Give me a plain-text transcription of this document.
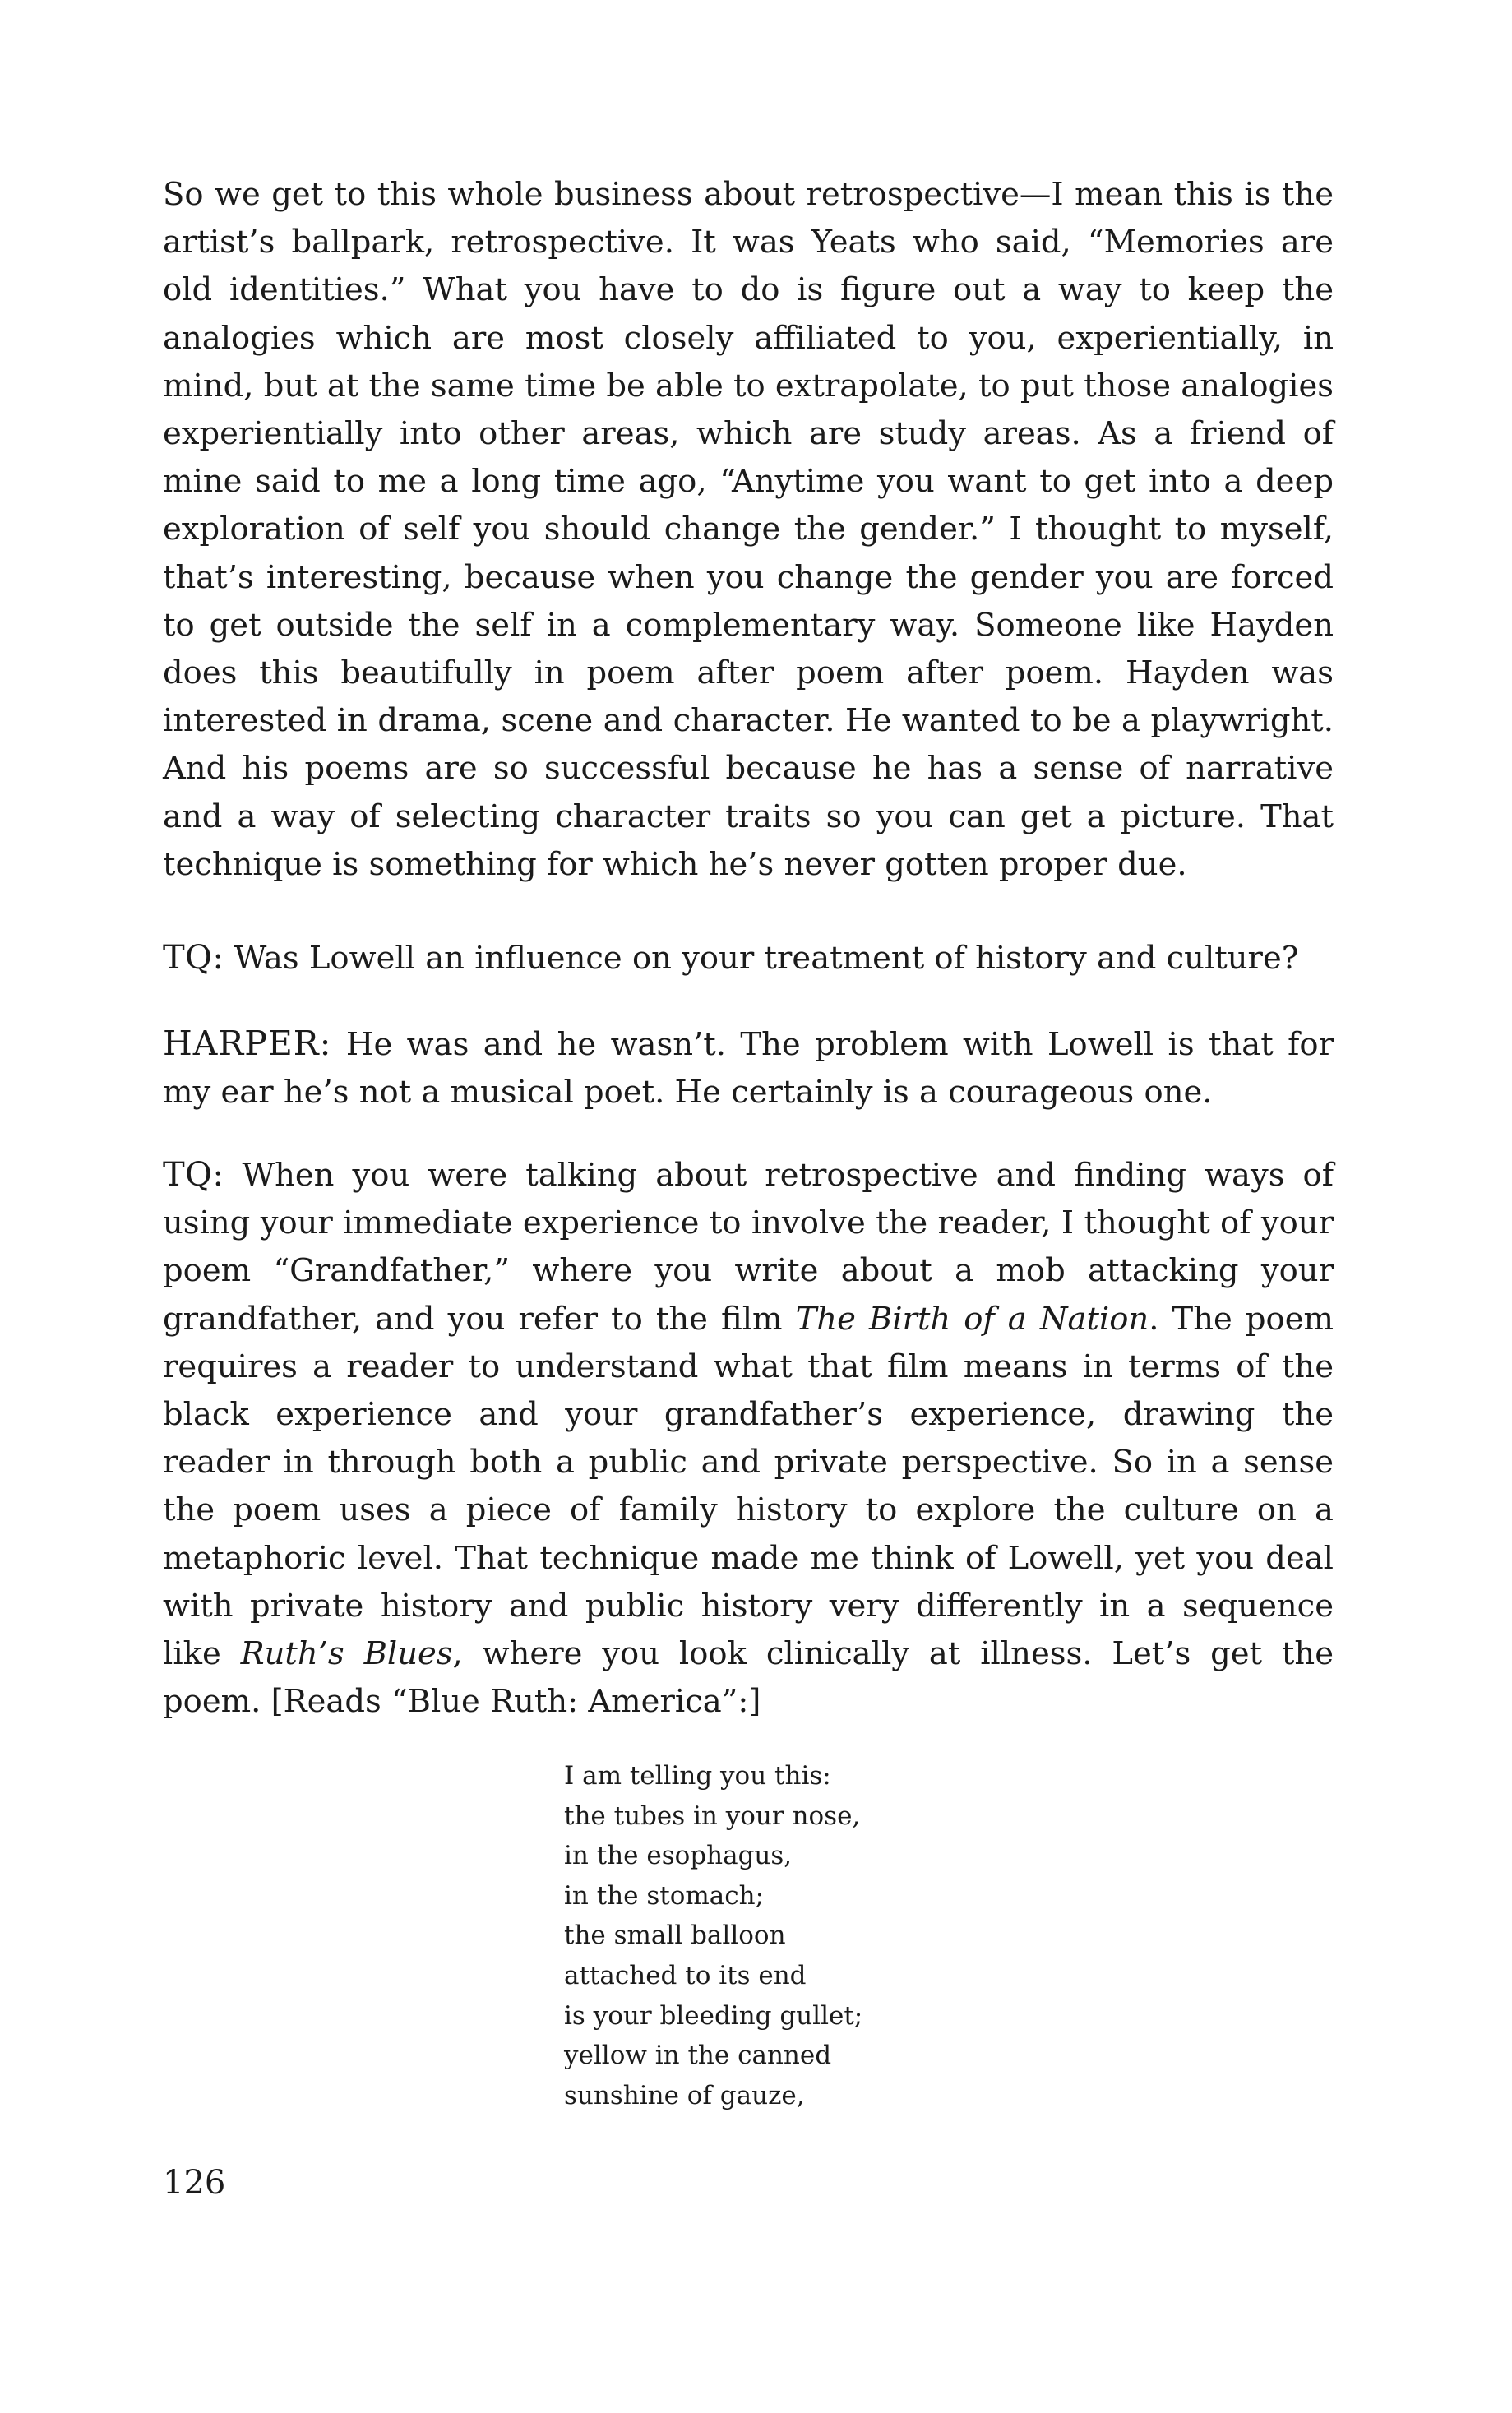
So we get to this whole business about retrospective—I mean this is the artist’s ballpark, retrospective. It was Yeats who said, “Memories are old identities.” What you have to do is figure out a way to keep the analogies which are most closely affiliated to you, experientially, in mind, but at the same time be able to extrapolate, to put those analogies experientially into other areas, which are study areas. As a friend of mine said to me a long time ago, “Anytime you want to get into a deep exploration of self you should change the gender.” I thought to myself, that’s interesting, because when you change the gender you are forced to get outside the self in a complementary way. Someone like Hayden does this beautifully in poem after poem after poem. Hayden was interested in drama, scene and character. He wanted to be a playwright. And his poems are so successful because he has a sense of narrative and a way of selecting character traits so you can get a picture. That technique is something for which he’s never gotten proper due.

TQ: Was Lowell an influence on your treatment of history and culture?

HARPER: He was and he wasn’t. The problem with Lowell is that for my ear he’s not a musical poet. He certainly is a courageous one.

TQ: When you were talking about retrospective and finding ways of using your immediate experience to involve the reader, I thought of your poem “Grandfather,” where you write about a mob attacking your grandfather, and you refer to the film The Birth of a Nation. The poem requires a reader to understand what that film means in terms of the black experience and your grandfather’s experience, drawing the reader in through both a public and private perspective. So in a sense the poem uses a piece of family history to explore the culture on a metaphoric level. That technique made me think of Lowell, yet you deal with private history and public history very differently in a sequence like Ruth’s Blues, where you look clinically at illness. Let’s get the poem. [Reads “Blue Ruth: America”:]

I am telling you this:
the tubes in your nose,
in the esophagus,
in the stomach;
the small balloon
attached to its end
is your bleeding gullet;
yellow in the canned
sunshine of gauze,
126
